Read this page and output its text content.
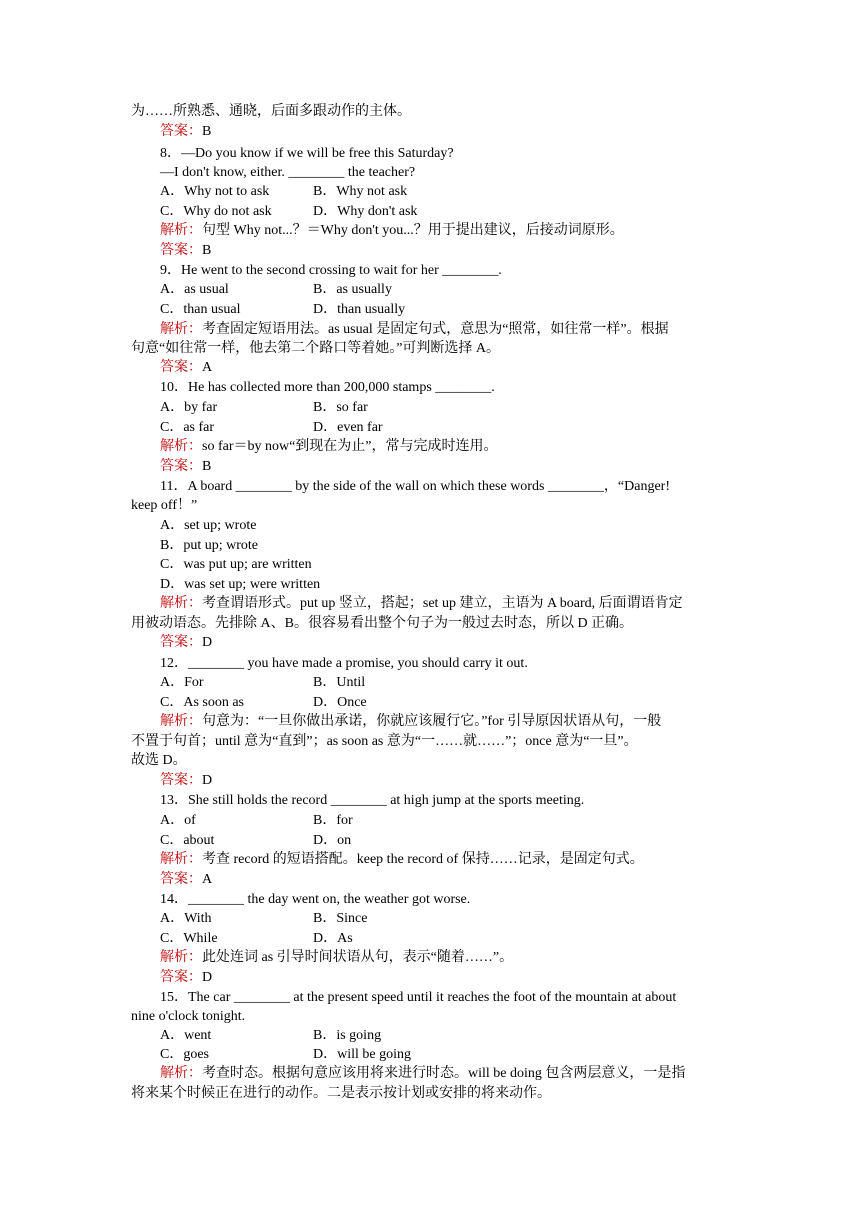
为……所熟悉、通晓，后面多跟动作的主体。
答案：B
8．—Do you know if we will be free this Saturday?
—I don't know, either. ________ the teacher?
A．Why not to ask	B．Why not ask
C．Why do not ask	D．Why don't ask
解析：句型 Why not...？＝Why don't you...？用于提出建议，后接动词原形。
答案：B
9．He went to the second crossing to wait for her ________.
A．as usual	B．as usually
C．than usual	D．than usually
解析：考查固定短语用法。as usual 是固定句式，意思为“照常，如往常一样”。根据
句意“如往常一样，他去第二个路口等着她。”可判断选择 A。
答案：A
10．He has collected more than 200,000 stamps ________.
A．by far	B．so far
C．as far	D．even far
解析：so far＝by now“到现在为止”，常与完成时连用。
答案：B
11．A board ________ by the side of the wall on which these words ________，“Danger!
keep off！”
A．set up; wrote
B．put up; wrote
C．was put up; are written
D．was set up; were written
解析：考查谓语形式。put up 竖立，搭起；set up 建立，主语为 A board, 后面谓语肯定
用被动语态。先排除 A、B。很容易看出整个句子为一般过去时态，所以 D 正确。
答案：D
12．________ you have made a promise, you should carry it out.
A．For	B．Until
C．As soon as	D．Once
解析：句意为：“一旦你做出承诺，你就应该履行它。”for 引导原因状语从句，一般
不置于句首；until 意为“直到”；as soon as 意为“一……就……”；once 意为“一旦”。
故选 D。
答案：D
13．She still holds the record ________ at high jump at the sports meeting.
A．of	B．for
C．about	D．on
解析：考查 record 的短语搭配。keep the record of 保持……记录，是固定句式。
答案：A
14．________ the day went on, the weather got worse.
A．With	B．Since
C．While	D．As
解析：此处连词 as 引导时间状语从句，表示“随着……”。
答案：D
15．The car ________ at the present speed until it reaches the foot of the mountain at about
nine o'clock tonight.
A．went	B．is going
C．goes	D．will be going
解析：考查时态。根据句意应该用将来进行时态。will be doing 包含两层意义，一是指
将来某个时候正在进行的动作。二是表示按计划或安排的将来动作。
